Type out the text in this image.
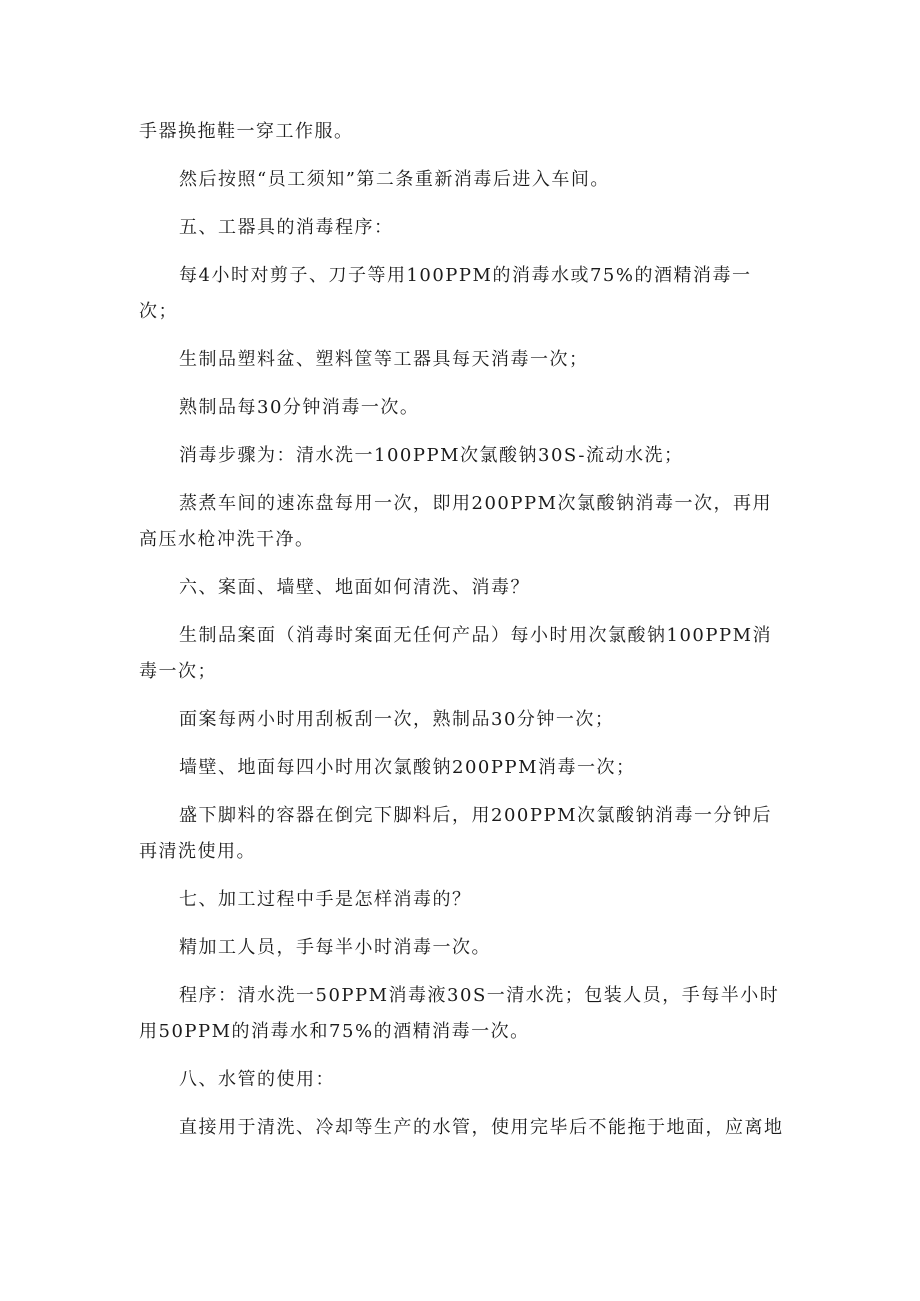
手器换拖鞋一穿工作服。

然后按照“员工须知”第二条重新消毒后进入车间。

五、工器具的消毒程序：

每4小时对剪子、刀子等用100PPM的消毒水或75%的酒精消毒一次；

生制品塑料盆、塑料筐等工器具每天消毒一次；

熟制品每30分钟消毒一次。

消毒步骤为：清水洗一100PPM次氯酸钠30S-流动水洗；

蒸煮车间的速冻盘每用一次，即用200PPM次氯酸钠消毒一次，再用高压水枪冲洗干净。

六、案面、墙壁、地面如何清洗、消毒？

生制品案面（消毒时案面无任何产品）每小时用次氯酸钠100PPM消毒一次；

面案每两小时用刮板刮一次，熟制品30分钟一次；

墙壁、地面每四小时用次氯酸钠200PPM消毒一次；

盛下脚料的容器在倒完下脚料后，用200PPM次氯酸钠消毒一分钟后再清洗使用。

七、加工过程中手是怎样消毒的？

精加工人员，手每半小时消毒一次。

程序：清水洗一50PPM消毒液30S一清水洗；包装人员，手每半小时用50PPM的消毒水和75%的酒精消毒一次。

八、水管的使用：

直接用于清洗、冷却等生产的水管，使用完毕后不能拖于地面，应离地
